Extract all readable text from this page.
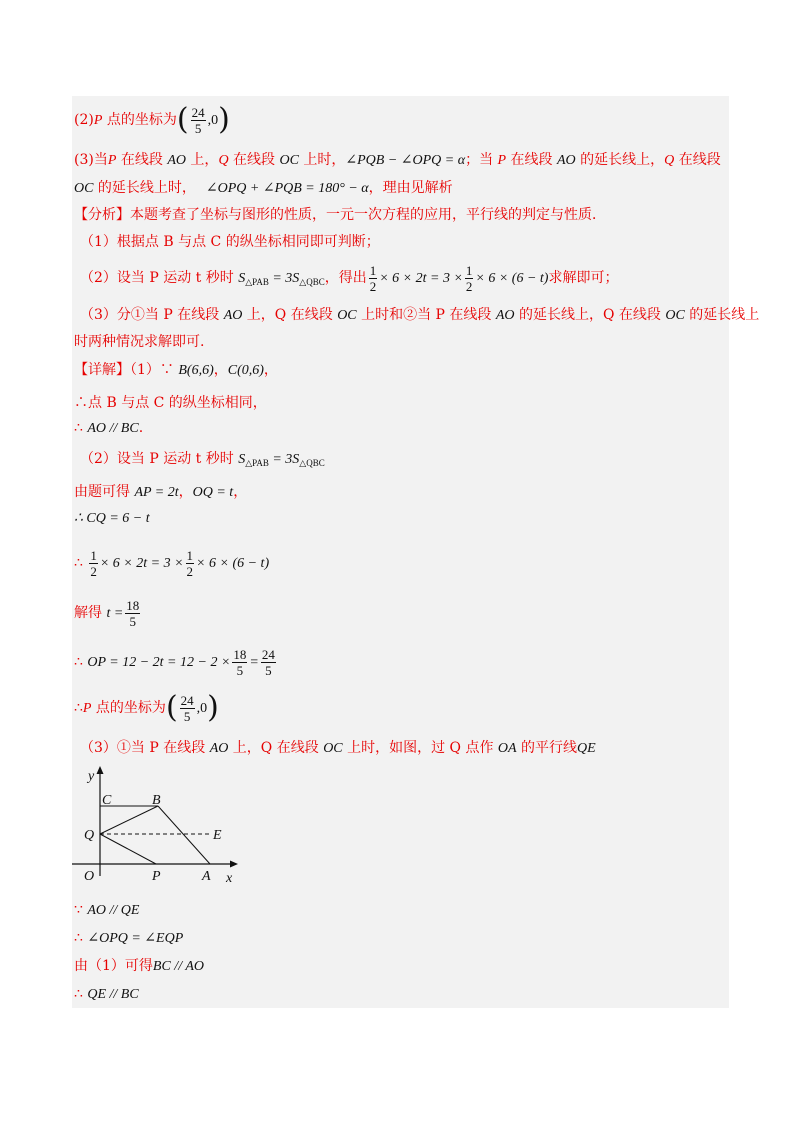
(2)P 点的坐标为( $\frac{24}{5} ,0$)
(3)当P 在线段 AO 上，Q 在线段 OC 上时，∠PQB − ∠OPQ = α；当 P 在线段 AO 的延长线上，Q 在线段
OC 的延长线上时， ∠OPQ + ∠PQB = 180° − α，理由见解析
【分析】本题考查了坐标与图形的性质，一元一次方程的应用，平行线的判定与性质．
（1）根据点 B 与点 C 的纵坐标相同即可判断；
（2）设当 P 运动 t 秒时 $S_{\triangle PAB} = 3S_{\triangle QBC}$，得出 $\frac{1}{2} \times 6 \times 2t = 3 \times \frac{1}{2} \times 6 \times (6 - t)$求解即可；
（3）分①当 P 在线段 AO 上，Q 在线段 OC 上时和②当 P 在线段 AO 的延长线上，Q 在线段 OC 的延长线上
时两种情况求解即可.
【详解】（1）∵ B(6,6)，C(0,6)，
∴点 B 与点 C 的纵坐标相同，
∴ AO // BC.
（2）设当 P 运动 t 秒时 $S_{\triangle PAB} = 3S_{\triangle QBC}$
由题可得 AP = 2t，OQ = t，
∴ CQ = 6 − t
∴ $\frac{1}{2} \times 6 \times 2t = 3 \times \frac{1}{2} \times 6 \times (6 - t)$
解得 $t = \frac{18}{5}$
∴ OP = $12 - 2t = 12 - 2 \times \frac{18}{5} = \frac{24}{5}$
∴P 点的坐标为( $\frac{24}{5} ,0$)
（3）①当 P 在线段 AO 上，Q 在线段 OC 上时，如图，过 Q 点作 OA 的平行线QE
y
x
C	B
Q	E
O	P	A
∵ AO // QE
∴ ∠OPQ = ∠EQP
由（1）可得BC // AO
∴ QE // BC
